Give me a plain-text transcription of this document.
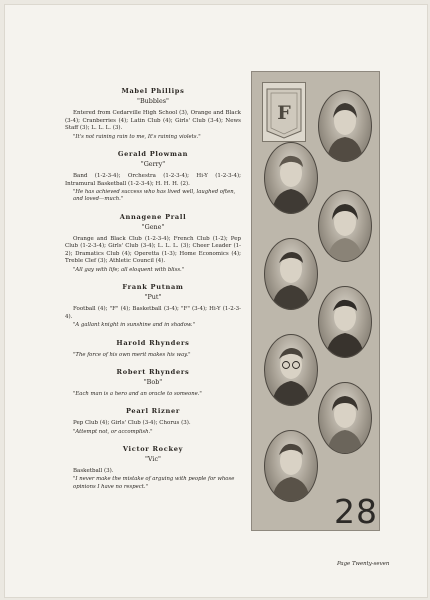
Mabel Phillips

"Bubbles"

Entered from Cedarville High School (3), Orange and Black (3-4); Cranberries (4); Latin Club (4); Girls' Club (3-4); News Staff (3); L. L. L. (3).

"It's not raining rain to me, It's raining violets."

Gerald Plowman

"Gerry"

Band (1-2-3-4); Orchestra (1-2-3-4); Hi-Y (1-2-3-4); Intramural Basketball (1-2-3-4); H. H. H. (2).

"He has achieved success who has lived well, laughed often, and loved—much."

Annagene Prall

"Gene"

Orange and Black Club (1-2-3-4); French Club (1-2); Pep Club (1-2-3-4); Girls' Club (3-4); L. L. L. (3); Cheer Leader (1-2); Dramatics Club (4); Operetta (1-3); Home Economics (4); Treble Clef (3); Athletic Council (4).

"All gay with life; all eloquent with bliss."

Frank Putnam

"Put"

Football (4); "F" (4); Basketball (3-4); "F" (3-4); Hi-Y (1-2-3-4).

"A gallant knight in sunshine and in shadow."

Harold Rhynders

"The force of his own merit makes his way."

Robert Rhynders

"Bob"

"Each man is a hero and an oracle to someone."

Pearl Rizner

Pep Club (4); Girls' Club (3-4); Chorus (3).

"Attempt not, or accomplish."

Victor Rockey

"Vic"

Basketball (3).

"I never make the mistake of arguing with people for whose opinions I have no respect."

F
28
Page Twenty-seven
